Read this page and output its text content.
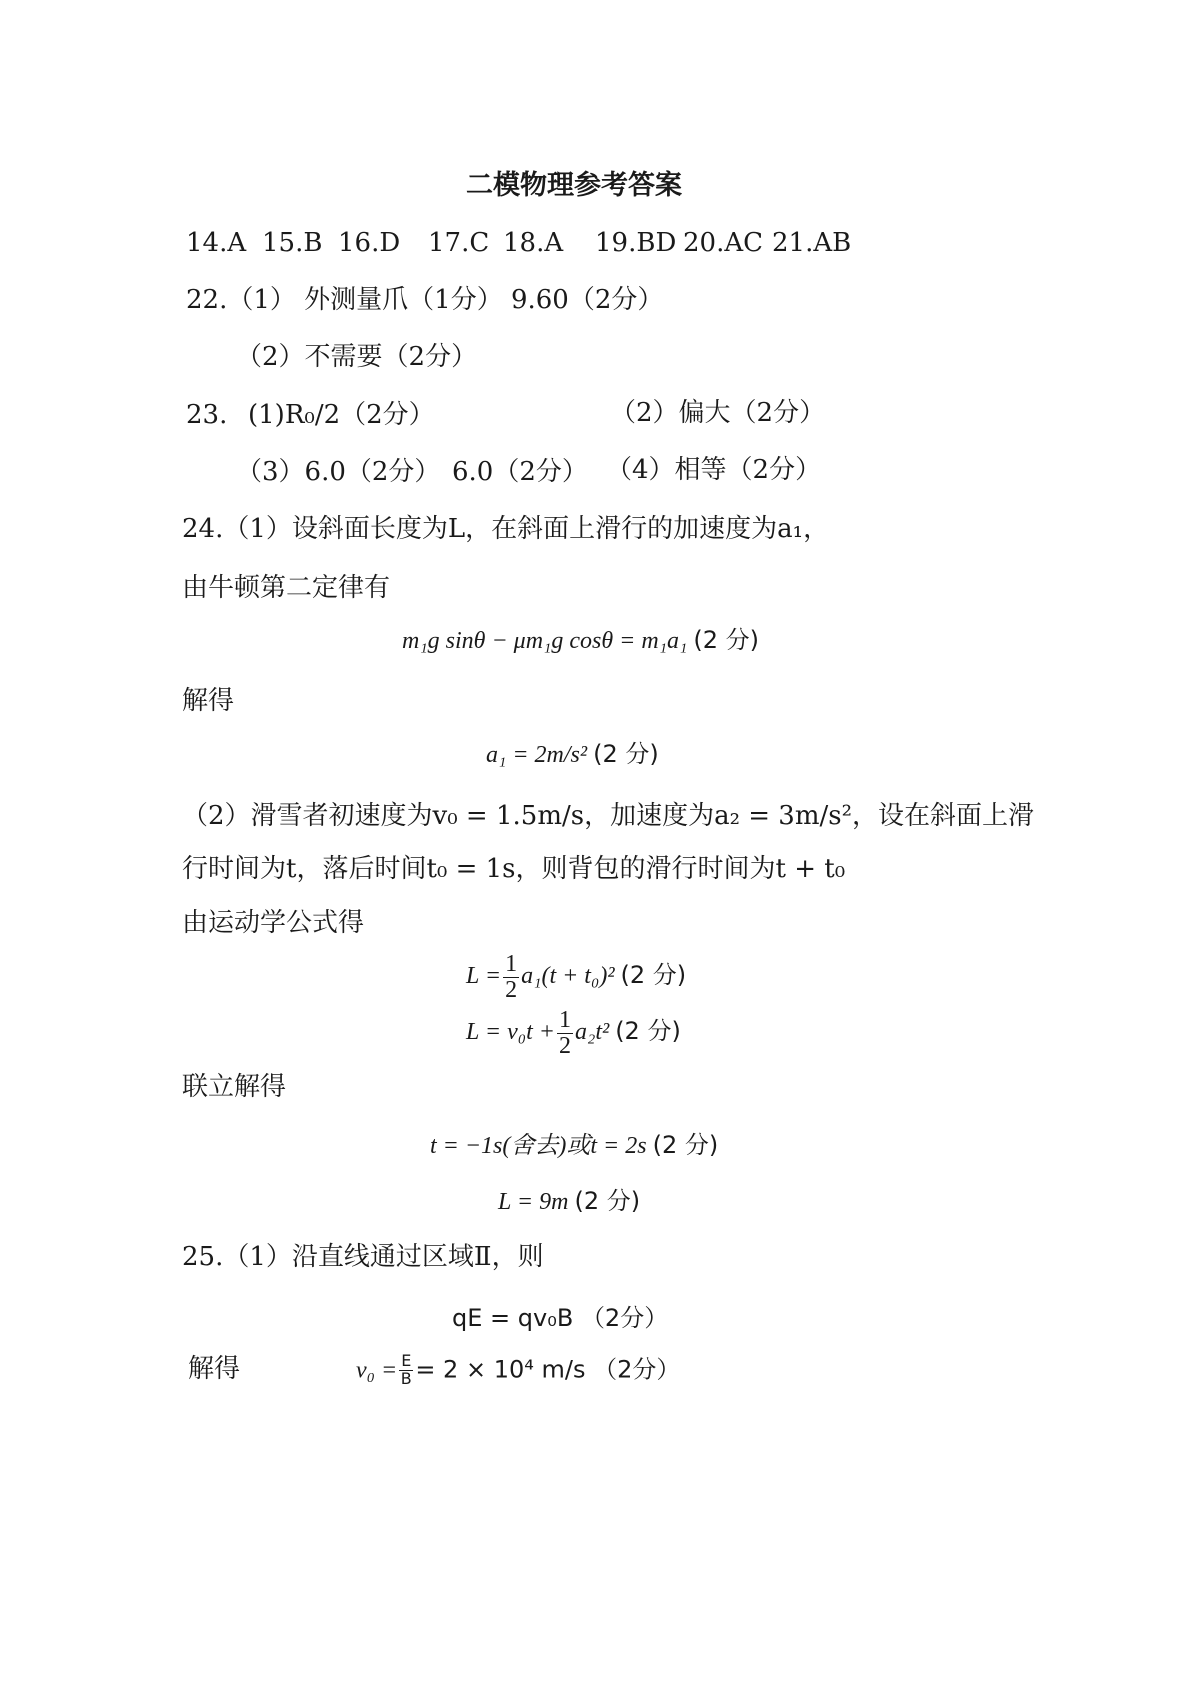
二模物理参考答案
14.A 15.B 16.D 17.C 18.A 19.BD 20.AC 21.AB
22.（1） 外测量爪（1分） 9.60（2分）
（2）不需要（2分）
23. (1)R₀/2（2分）	（2）偏大（2分）
（3）6.0（2分） 6.0（2分） （4）相等（2分）
24.（1）设斜面长度为L，在斜面上滑行的加速度为a₁，
由牛顿第二定律有
m₁g sinθ − μm₁g cosθ = m₁a₁ (2 分)
解得
a₁ = 2m/s² (2 分)
（2）滑雪者初速度为v₀ = 1.5m/s，加速度为a₂ = 3m/s²，设在斜面上滑
行时间为t，落后时间t₀ = 1s，则背包的滑行时间为t + t₀
由运动学公式得
$L = \frac{1}{2} a_1(t + t_0)^2$ (2 分)
$L = v_0t + \frac{1}{2} a_2t^2$ (2 分)
联立解得
t = −1s(舍去)或t = 2s (2 分)
L = 9m (2 分)
25.（1）沿直线通过区域Ⅱ，则
qE = qv₀B （2分）
解得	$v_0 = \frac{E}{B} = 2 \times 10^4$ m/s （2分）
